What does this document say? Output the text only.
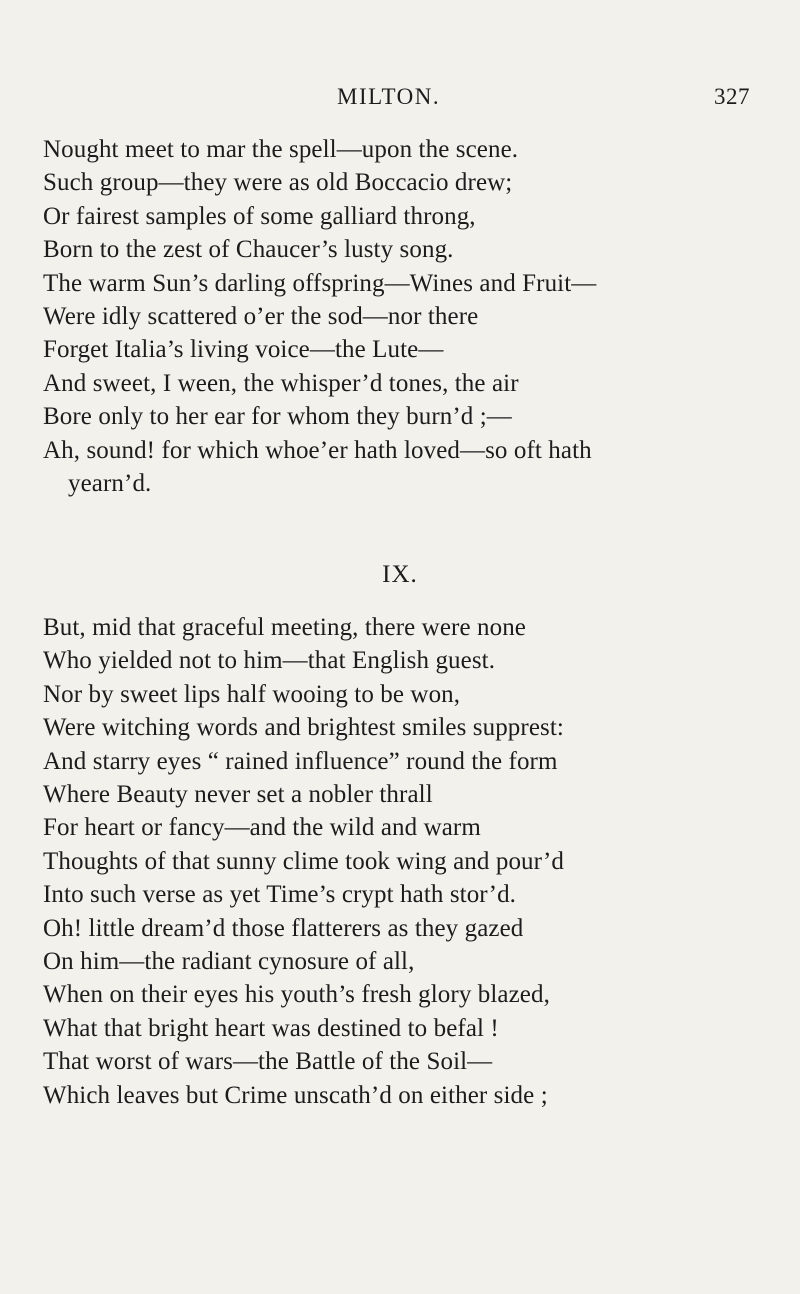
MILTON.	327
Nought meet to mar the spell—upon the scene.
Such group—they were as old Boccacio drew;
Or fairest samples of some galliard throng,
Born to the zest of Chaucer’s lusty song.
The warm Sun’s darling offspring—Wines and Fruit—
Were idly scattered o’er the sod—nor there
Forget Italia’s living voice—the Lute—
And sweet, I ween, the whisper’d tones, the air
Bore only to her ear for whom they burn’d ;—
Ah, sound! for which whoe’er hath loved—so oft hath
yearn’d.
IX.
But, mid that graceful meeting, there were none
Who yielded not to him—that English guest.
Nor by sweet lips half wooing to be won,
Were witching words and brightest smiles supprest:
And starry eyes “ rained influence” round the form
Where Beauty never set a nobler thrall
For heart or fancy—and the wild and warm
Thoughts of that sunny clime took wing and pour’d
Into such verse as yet Time’s crypt hath stor’d.
Oh! little dream’d those flatterers as they gazed
On him—the radiant cynosure of all,
When on their eyes his youth’s fresh glory blazed,
What that bright heart was destined to befal !
That worst of wars—the Battle of the Soil—
Which leaves but Crime unscath’d on either side ;
